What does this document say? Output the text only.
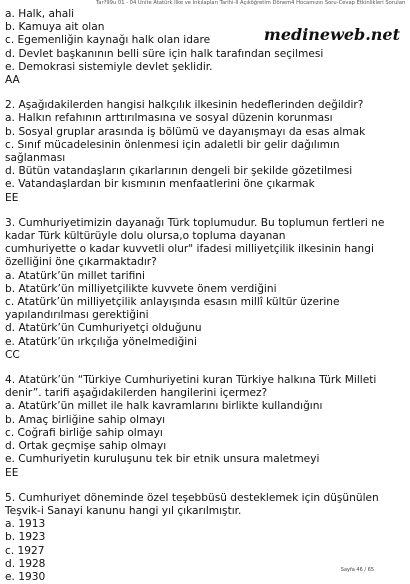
Tar?99u 01 - 04 Ünite Atatürk İlke ve İnkılapları Tarihi-II Açıköğretim Dönem4 Hocamızın Soru-Cevap Etkinlikleri Soruları
medineweb.net
a. Halk, ahali
b. Kamuya ait olan
c. Egemenliğin kaynağı halk olan idare
d. Devlet başkanının belli süre için halk tarafından seçilmesi
e. Demokrasi sistemiyle devlet şeklidir.
AA
2. Aşağıdakilerden hangisi halkçılık ilkesinin hedeflerinden değildir?
a. Halkın refahının arttırılmasına ve sosyal düzenin korunması
b. Sosyal gruplar arasında iş bölümü ve dayanışmayı da esas almak
c. Sınıf mücadelesinin önlenmesi için adaletli bir gelir dağılımın
sağlanması
d. Bütün vatandaşların çıkarlarının dengeli bir şekilde gözetilmesi
e. Vatandaşlardan bir kısmının menfaatlerini öne çıkarmak
EE
3. Cumhuriyetimizin dayanağı Türk toplumudur. Bu toplumun fertleri ne
kadar Türk kültürüyle dolu olursa,o topluma dayanan
cumhuriyette o kadar kuvvetli olur" ifadesi milliyetçilik ilkesinin hangi
özelliğini öne çıkarmaktadır?
a. Atatürk’ün millet tarifini
b. Atatürk’ün milliyetçilikte kuvvete önem verdiğini
c. Atatürk’ün milliyetçilik anlayışında esasın millî kültür üzerine
yapılandırılması gerektiğini
d. Atatürk’ün Cumhuriyetçi olduğunu
e. Atatürk’ün ırkçılığa yönelmediğini
CC
4. Atatürk’ün “Türkiye Cumhuriyetini kuran Türkiye halkına Türk Milleti
denir”. tarifi aşağıdakilerden hangilerini içermez?
a. Atatürk’ün millet ile halk kavramlarını birlikte kullandığını
b. Amaç birliğine sahip olmayı
c. Coğrafi birliğe sahip olmayı
d. Ortak geçmişe sahip olmayı
e. Cumhuriyetin kuruluşunu tek bir etnik unsura maletmeyi
EE
5. Cumhuriyet döneminde özel teşebbüsü desteklemek için düşünülen
Teşvik-i Sanayi kanunu hangi yıl çıkarılmıştır.
a. 1913
b. 1923
c. 1927
d. 1928
e. 1930
Sayfa 46 / 65
